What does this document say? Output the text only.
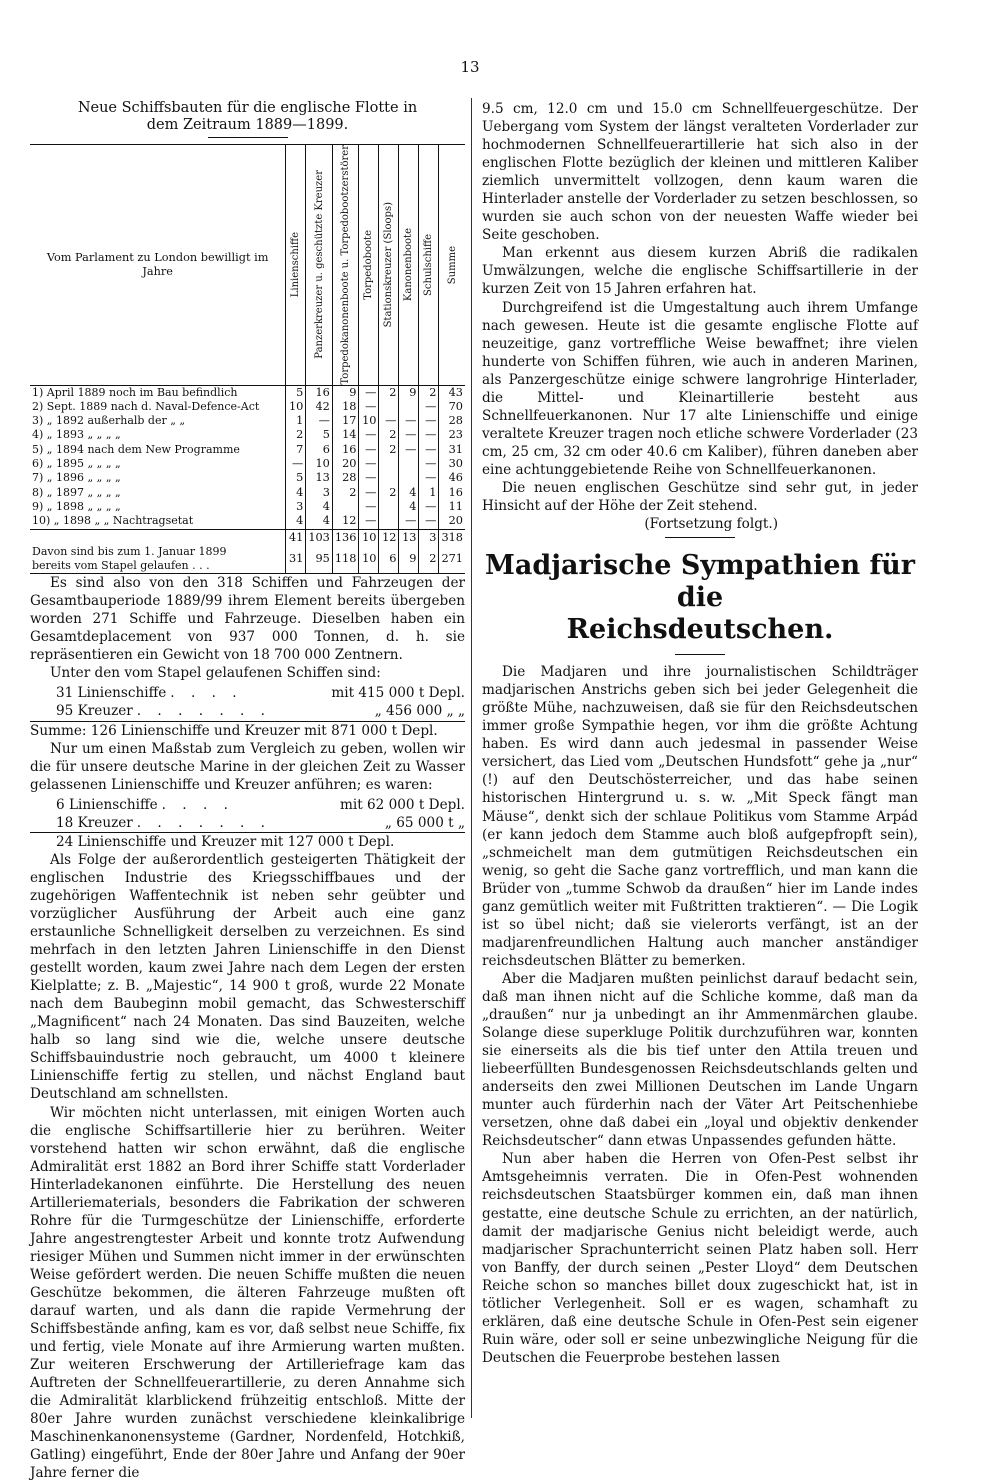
13
Neue Schiffsbauten für die englische Flotte in
dem Zeitraum 1889—1899.
Vom Parlament zu London bewilligt im Jahre	Linienschiffe	Panzerkreuzer u. geschützte Kreuzer	Torpedokanonenboote u. Torpedobootzerstörer	Torpedoboote	Stationskreuzer (Sloops)	Kanonenboote	Schulschiffe	Summe

1) April 1889 noch im Bau befindlich	5	16	9	—	2	9	2	43
2) Sept. 1889 nach d. Naval-Defence-Act	10	42	18	—			—	70
3) „ 1892 außerhalb der „ „	1	—	17	10	—	—	—	28
4) „ 1893 „ „ „ „	2	5	14	—	2	—	—	23
5) „ 1894 nach dem New Programme	7	6	16	—	2	—	—	31
6) „ 1895 „ „ „ „	—	10	20	—			—	30
7) „ 1896 „ „ „ „	5	13	28	—			—	46
8) „ 1897 „ „ „ „	4	3	2	—	2	4	1	16
9) „ 1898 „ „ „ „	3	4		—		4	—	11
10) „ 1898 „ „ Nachtragsetat	4	4	12	—		—	—	20
	41	103	136	10	12	13	3	318
Davon sind bis zum 1. Januar 1899
bereits vom Stapel gelaufen . . .	31	95	118	10	6	9	2	271

Es sind also von den 318 Schiffen und Fahrzeugen der Gesamtbauperiode 1889/99 ihrem Element bereits übergeben worden 271 Schiffe und Fahrzeuge. Dieselben haben ein Gesamtdeplacement von 937 000 Tonnen, d. h. sie repräsentieren ein Gewicht von 18 700 000 Zentnern.

Unter den vom Stapel gelaufenen Schiffen sind:

31 Linienschiffe . . . .	mit 415 000 t Depl.
95 Kreuzer . . . . . . .	„ 456 000 „ „
Summe: 126 Linienschiffe und Kreuzer mit 871 000 t Depl.

Nur um einen Maßstab zum Vergleich zu geben, wollen wir die für unsere deutsche Marine in der gleichen Zeit zu Wasser gelassenen Linienschiffe und Kreuzer anführen; es waren:

6 Linienschiffe . . . .	mit 62 000 t Depl.
18 Kreuzer . . . . . . .	„ 65 000 t „
24 Linienschiffe und Kreuzer mit 127 000 t Depl.

Als Folge der außerordentlich gesteigerten Thätigkeit der englischen Industrie des Kriegsschiffbaues und der zugehörigen Waffentechnik ist neben sehr geübter und vorzüglicher Ausführung der Arbeit auch eine ganz erstaunliche Schnelligkeit derselben zu verzeichnen. Es sind mehrfach in den letzten Jahren Linienschiffe in den Dienst gestellt worden, kaum zwei Jahre nach dem Legen der ersten Kielplatte; z. B. „Majestic“, 14 900 t groß, wurde 22 Monate nach dem Baubeginn mobil gemacht, das Schwesterschiff „Magnificent“ nach 24 Monaten. Das sind Bauzeiten, welche halb so lang sind wie die, welche unsere deutsche Schiffsbauindustrie noch gebraucht, um 4000 t kleinere Linienschiffe fertig zu stellen, und nächst England baut Deutschland am schnellsten.

Wir möchten nicht unterlassen, mit einigen Worten auch die englische Schiffsartillerie hier zu berühren. Weiter vorstehend hatten wir schon erwähnt, daß die englische Admiralität erst 1882 an Bord ihrer Schiffe statt Vorderlader Hinterladekanonen einführte. Die Herstellung des neuen Artilleriematerials, besonders die Fabrikation der schweren Rohre für die Turmgeschütze der Linienschiffe, erforderte Jahre angestrengtester Arbeit und konnte trotz Aufwendung riesiger Mühen und Summen nicht immer in der erwünschten Weise gefördert werden. Die neuen Schiffe mußten die neuen Geschütze bekommen, die älteren Fahrzeuge mußten oft darauf warten, und als dann die rapide Vermehrung der Schiffsbestände anfing, kam es vor, daß selbst neue Schiffe, fix und fertig, viele Monate auf ihre Armierung warten mußten. Zur weiteren Erschwerung der Artilleriefrage kam das Auftreten der Schnellfeuerartillerie, zu deren Annahme sich die Admiralität klarblickend frühzeitig entschloß. Mitte der 80er Jahre wurden zunächst verschiedene kleinkalibrige Maschinenkanonensysteme (Gardner, Nordenfeld, Hotchkiß, Gatling) eingeführt, Ende der 80er Jahre und Anfang der 90er Jahre ferner die

9.5 cm, 12.0 cm und 15.0 cm Schnellfeuergeschütze. Der Uebergang vom System der längst veralteten Vorderlader zur hochmodernen Schnellfeuerartillerie hat sich also in der englischen Flotte bezüglich der kleinen und mittleren Kaliber ziemlich unvermittelt vollzogen, denn kaum waren die Hinterlader anstelle der Vorderlader zu setzen beschlossen, so wurden sie auch schon von der neuesten Waffe wieder bei Seite geschoben.

Man erkennt aus diesem kurzen Abriß die radikalen Umwälzungen, welche die englische Schiffsartillerie in der kurzen Zeit von 15 Jahren erfahren hat.

Durchgreifend ist die Umgestaltung auch ihrem Umfange nach gewesen. Heute ist die gesamte englische Flotte auf neuzeitige, ganz vortreffliche Weise bewaffnet; ihre vielen hunderte von Schiffen führen, wie auch in anderen Marinen, als Panzergeschütze einige schwere langrohrige Hinterlader, die Mittel- und Kleinartillerie besteht aus Schnellfeuerkanonen. Nur 17 alte Linienschiffe und einige veraltete Kreuzer tragen noch etliche schwere Vorderlader (23 cm, 25 cm, 32 cm oder 40.6 cm Kaliber), führen daneben aber eine achtunggebietende Reihe von Schnellfeuerkanonen.

Die neuen englischen Geschütze sind sehr gut, in jeder Hinsicht auf der Höhe der Zeit stehend.

(Fortsetzung folgt.)
Madjarische Sympathien für die
Reichsdeutschen.

Die Madjaren und ihre journalistischen Schildträger madjarischen Anstrichs geben sich bei jeder Gelegenheit die größte Mühe, nachzuweisen, daß sie für den Reichsdeutschen immer große Sympathie hegen, vor ihm die größte Achtung haben. Es wird dann auch jedesmal in passender Weise versichert, das Lied vom „Deutschen Hundsfott“ gehe ja „nur“ (!) auf den Deutschösterreicher, und das habe seinen historischen Hintergrund u. s. w. „Mit Speck fängt man Mäuse“, denkt sich der schlaue Politikus vom Stamme Arpád (er kann jedoch dem Stamme auch bloß aufgepfropft sein), „schmeichelt man dem gutmütigen Reichsdeutschen ein wenig, so geht die Sache ganz vortrefflich, und man kann die Brüder von „tumme Schwob da draußen“ hier im Lande indes ganz gemütlich weiter mit Fußtritten traktieren“. — Die Logik ist so übel nicht; daß sie vielerorts verfängt, ist an der madjarenfreundlichen Haltung auch mancher anständiger reichsdeutschen Blätter zu bemerken.

Aber die Madjaren mußten peinlichst darauf bedacht sein, daß man ihnen nicht auf die Schliche komme, daß man da „draußen“ nur ja unbedingt an ihr Ammenmärchen glaube. Solange diese superkluge Politik durchzuführen war, konnten sie einerseits als die bis tief unter den Attila treuen und liebeerfüllten Bundesgenossen Reichsdeutschlands gelten und anderseits den zwei Millionen Deutschen im Lande Ungarn munter auch fürderhin nach der Väter Art Peitschenhiebe versetzen, ohne daß dabei ein „loyal und objektiv denkender Reichsdeutscher“ dann etwas Unpassendes gefunden hätte.

Nun aber haben die Herren von Ofen-Pest selbst ihr Amtsgeheimnis verraten. Die in Ofen-Pest wohnenden reichsdeutschen Staatsbürger kommen ein, daß man ihnen gestatte, eine deutsche Schule zu errichten, an der natürlich, damit der madjarische Genius nicht beleidigt werde, auch madjarischer Sprachunterricht seinen Platz haben soll. Herr von Banffy, der durch seinen „Pester Lloyd“ dem Deutschen Reiche schon so manches billet doux zugeschickt hat, ist in tötlicher Verlegenheit. Soll er es wagen, schamhaft zu erklären, daß eine deutsche Schule in Ofen-Pest sein eigener Ruin wäre, oder soll er seine unbezwingliche Neigung für die Deutschen die Feuerprobe bestehen lassen
